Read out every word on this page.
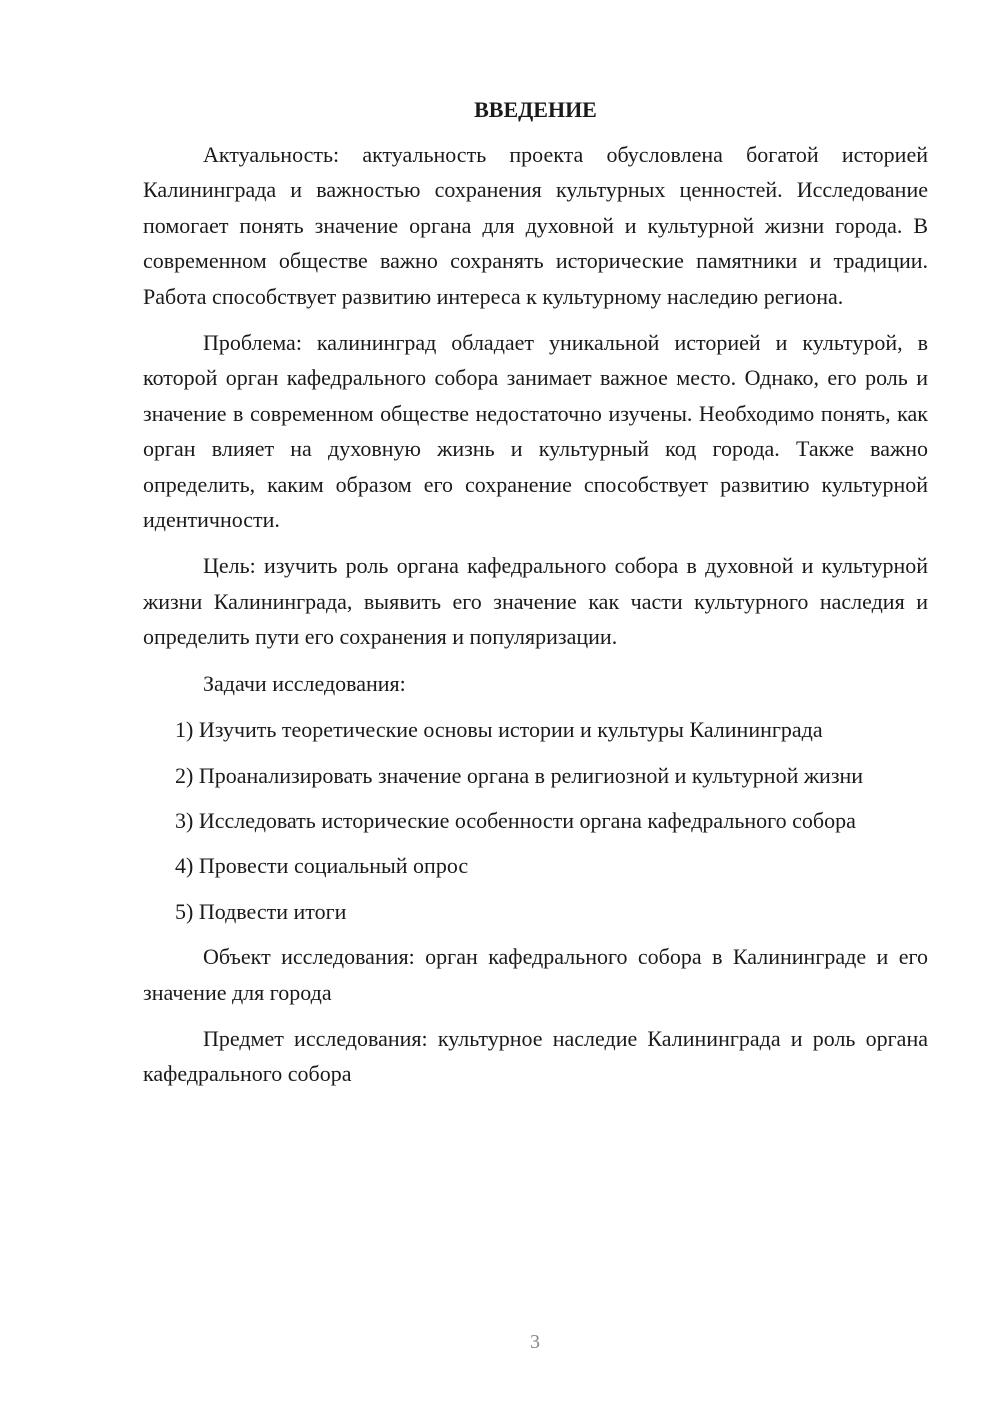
ВВЕДЕНИЕ
Актуальность: актуальность проекта обусловлена богатой историей Калининграда и важностью сохранения культурных ценностей. Исследование помогает понять значение органа для духовной и культурной жизни города. В современном обществе важно сохранять исторические памятники и традиции. Работа способствует развитию интереса к культурному наследию региона.
Проблема: калининград обладает уникальной историей и культурой, в которой орган кафедрального собора занимает важное место. Однако, его роль и значение в современном обществе недостаточно изучены. Необходимо понять, как орган влияет на духовную жизнь и культурный код города. Также важно определить, каким образом его сохранение способствует развитию культурной идентичности.
Цель: изучить роль органа кафедрального собора в духовной и культурной жизни Калининграда, выявить его значение как части культурного наследия и определить пути его сохранения и популяризации.
Задачи исследования:
1) Изучить теоретические основы истории и культуры Калининграда
2) Проанализировать значение органа в религиозной и культурной жизни
3) Исследовать исторические особенности органа кафедрального собора
4) Провести социальный опрос
5) Подвести итоги
Объект исследования: орган кафедрального собора в Калининграде и его значение для города
Предмет исследования: культурное наследие Калининграда и роль органа кафедрального собора
3
